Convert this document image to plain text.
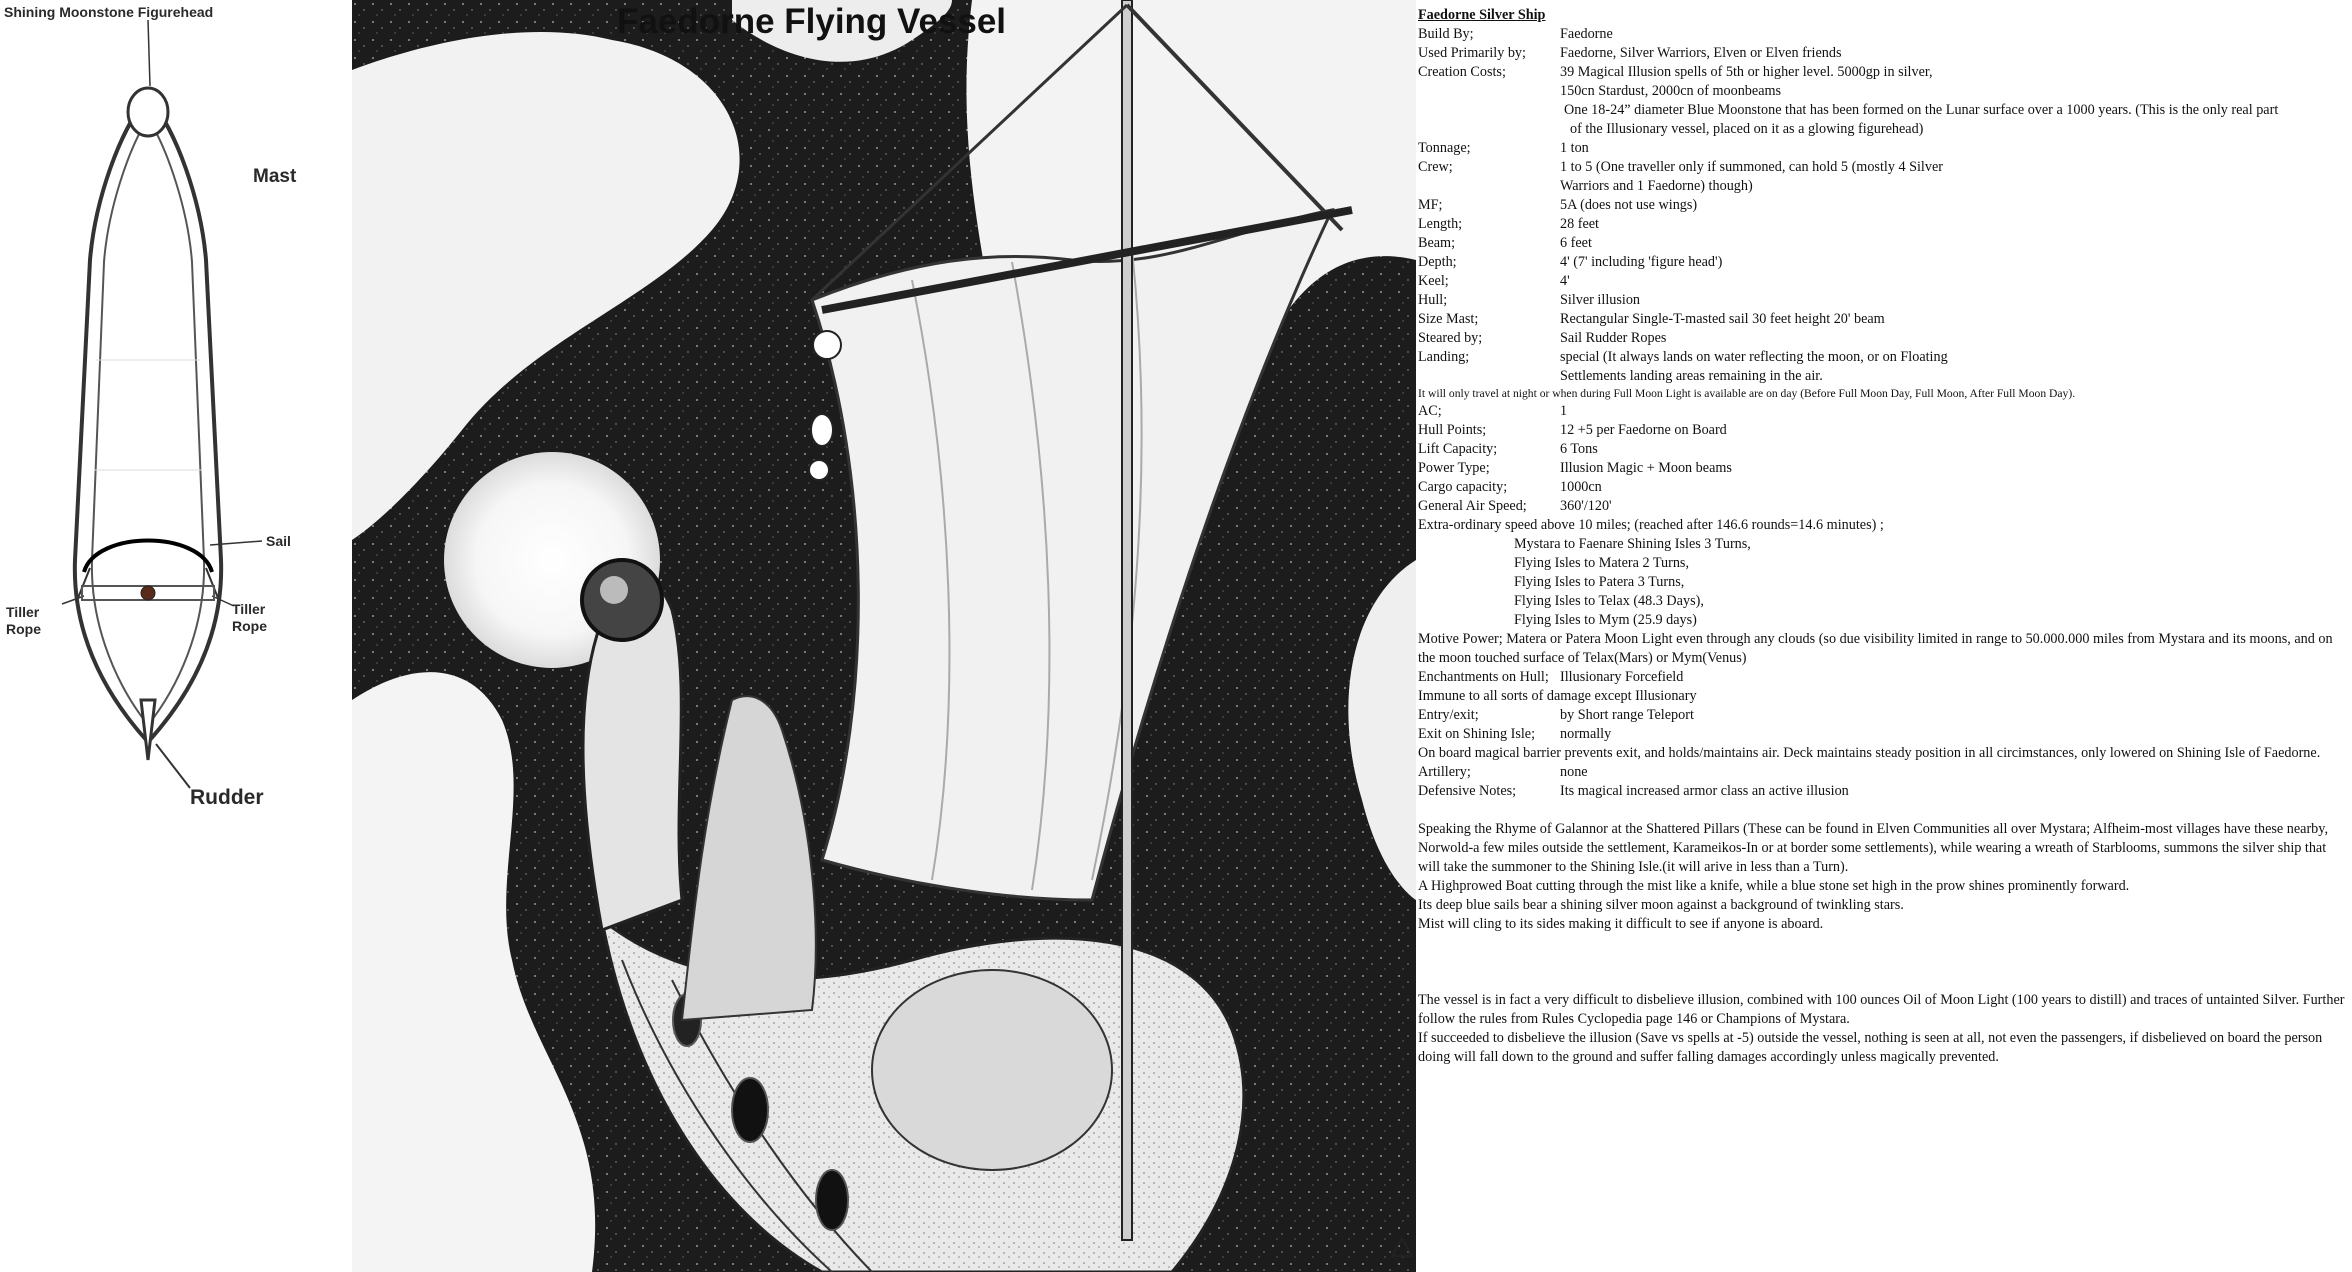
Shining Moonstone Figurehead
Mast
Sail
Tiller Rope
Tiller Rope
Rudder
Faedorne Flying Vessel	Faedorne Silver Ship
Build By;	Faedorne
Used Primarily by;	Faedorne, Silver Warriors, Elven or Elven friends
Creation Costs;	39 Magical Illusion spells of 5th or higher level. 5000gp in silver,
150cn Stardust, 2000cn of moonbeams
One 18-24” diameter Blue Moonstone that has been formed on the Lunar surface over a 1000 years. (This is the only real part
of the Illusionary vessel, placed on it as a glowing figurehead)
Tonnage;	1 ton
Crew;	1 to 5 (One traveller only if summoned, can hold 5 (mostly 4 Silver
Warriors and 1 Faedorne) though)
MF;	5A (does not use wings)
Length;	28 feet
Beam;	6 feet
Depth;	4' (7' including 'figure head')
Keel;	4'
Hull;	Silver illusion
Size Mast;	Rectangular Single-T-masted sail 30 feet height 20' beam
Steared by;	Sail Rudder Ropes
Landing;	special (It always lands on water reflecting the moon, or on Floating
Settlements landing areas remaining in the air.
It will only travel at night or when during Full Moon Light is available are on day (Before Full Moon Day, Full Moon, After Full Moon Day).
AC;	1
Hull Points;	12 +5 per Faedorne on Board
Lift Capacity;	6 Tons
Power Type;	Illusion Magic + Moon beams
Cargo capacity;	1000cn
General Air Speed;	360'/120'
Extra-ordinary speed above 10 miles; (reached after 146.6 rounds=14.6 minutes) ;
Mystara to Faenare Shining Isles 3 Turns,
Flying Isles to Matera 2 Turns,
Flying Isles to Patera 3 Turns,
Flying Isles to Telax (48.3 Days),
Flying Isles to Mym (25.9 days)
Motive Power; Matera or Patera Moon Light even through any clouds (so due visibility limited in range to 50.000.000 miles from Mystara and its moons, and on the moon touched surface of Telax(Mars) or Mym(Venus)
Enchantments on Hull; Illusionary Forcefield
Immune to all sorts of damage except Illusionary
Entry/exit;	by Short range Teleport
Exit on Shining Isle;	normally
On board magical barrier prevents exit, and holds/maintains air. Deck maintains steady position in all circimstances, only lowered on Shining Isle of Faedorne.
Artillery;	none
Defensive Notes;	Its magical increased armor class an active illusion

Speaking the Rhyme of Galannor at the Shattered Pillars (These can be found in Elven Communities all over Mystara; Alfheim-most villages have these nearby, Norwold-a few miles outside the settlement, Karameikos-In or at border some settlements), while wearing a wreath of Starblooms, summons the silver ship that will take the summoner to the Shining Isle.(it will arive in less than a Turn).

A Highprowed Boat cutting through the mist like a knife, while a blue stone set high in the prow shines prominently forward.

Its deep blue sails bear a shining silver moon against a background of twinkling stars.

Mist will cling to its sides making it difficult to see if anyone is aboard.

The vessel is in fact a very difficult to disbelieve illusion, combined with 100 ounces Oil of Moon Light (100 years to distill) and traces of untainted Silver. Further follow the rules from Rules Cyclopedia page 146 or Champions of Mystara.

If succeeded to disbelieve the illusion (Save vs spells at -5) outside the vessel, nothing is seen at all, not even the passengers, if disbelieved on board the person doing will fall down to the ground and suffer falling damages accordingly unless magically prevented.
